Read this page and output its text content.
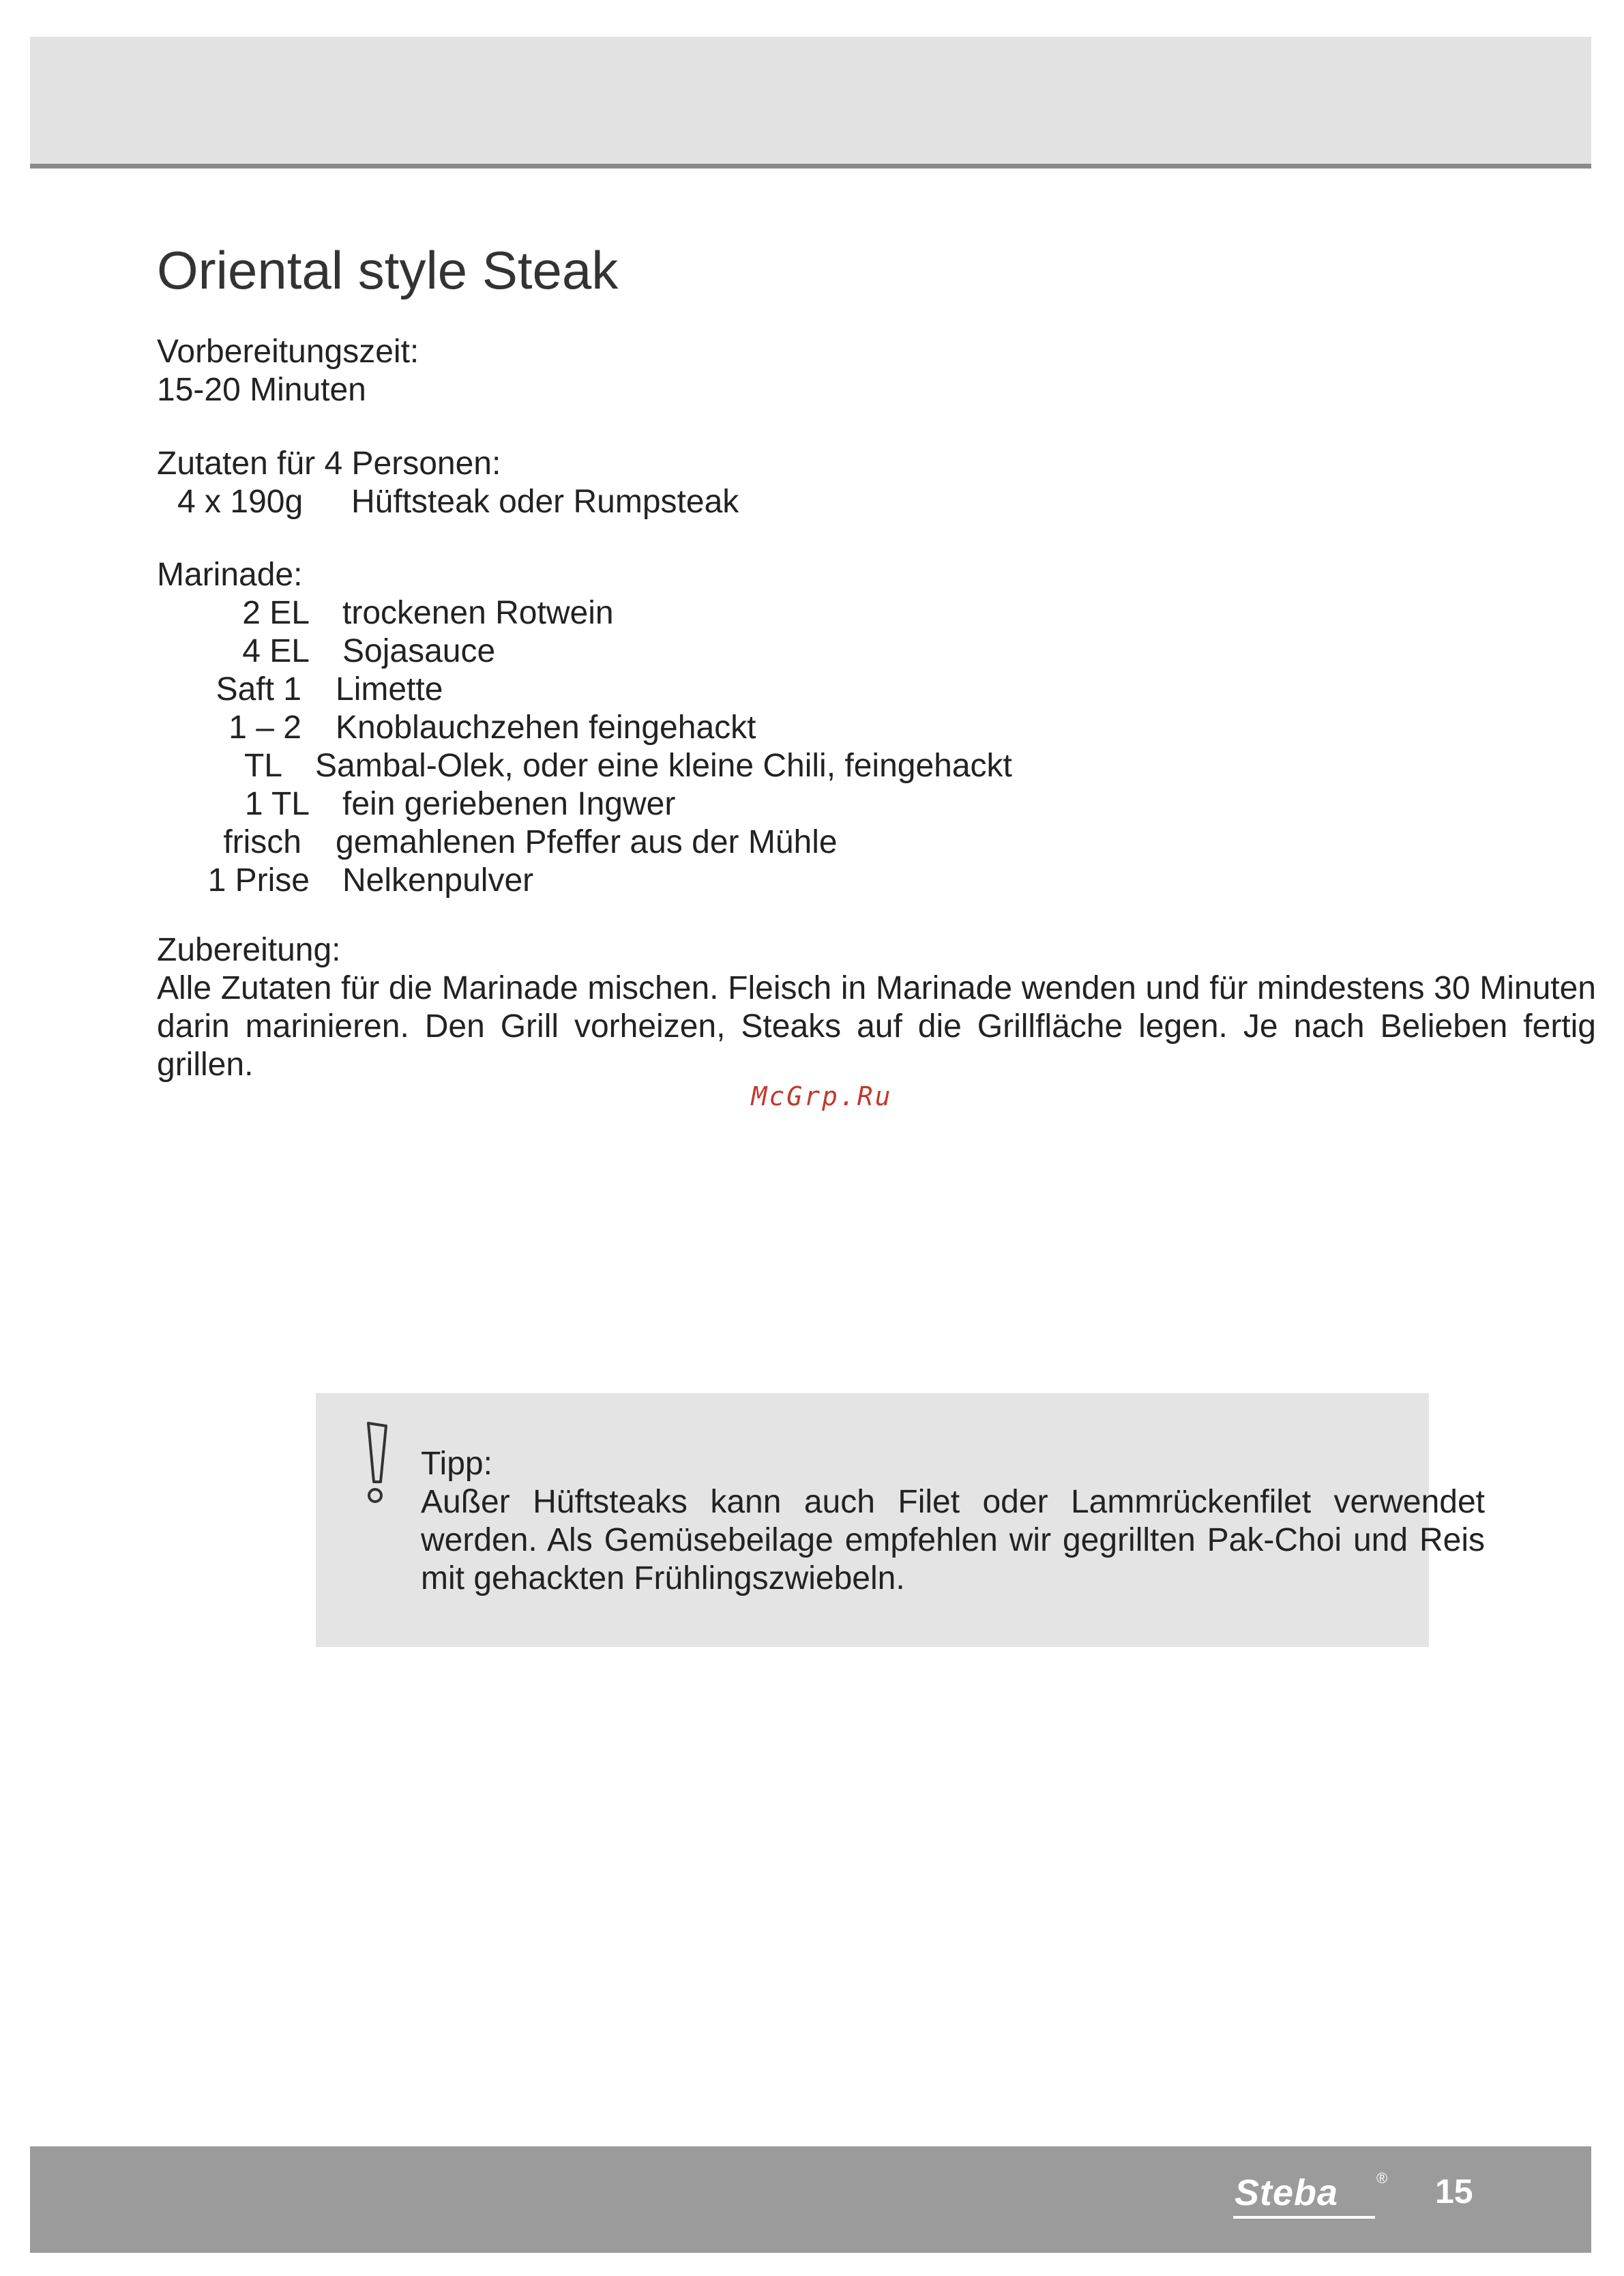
Oriental style Steak
Vorbereitungszeit:
15-20 Minuten
Zutaten für 4 Personen:
4 x 190g Hüftsteak oder Rumpsteak
Marinade:
2 EL trockenen Rotwein
4 EL Sojasauce
Saft 1 Limette
1 – 2 Knoblauchzehen feingehackt
TL Sambal-Olek, oder eine kleine Chili, feingehackt
1 TL fein geriebenen Ingwer
frisch gemahlenen Pfeffer aus der Mühle
1 Prise Nelkenpulver
Zubereitung:
Alle Zutaten für die Marinade mischen. Fleisch in Marinade wenden und für mindestens 30 Minuten darin marinieren. Den Grill vorheizen, Steaks auf die Grillfläche legen. Je nach Belieben fertig grillen.
McGrp.Ru
Tipp:
Außer Hüftsteaks kann auch Filet oder Lammrückenfilet verwendet werden. Als Gemüsebeilage empfehlen wir gegrillten Pak-Choi und Reis mit gehackten Frühlingszwiebeln.
Steba	® 15
